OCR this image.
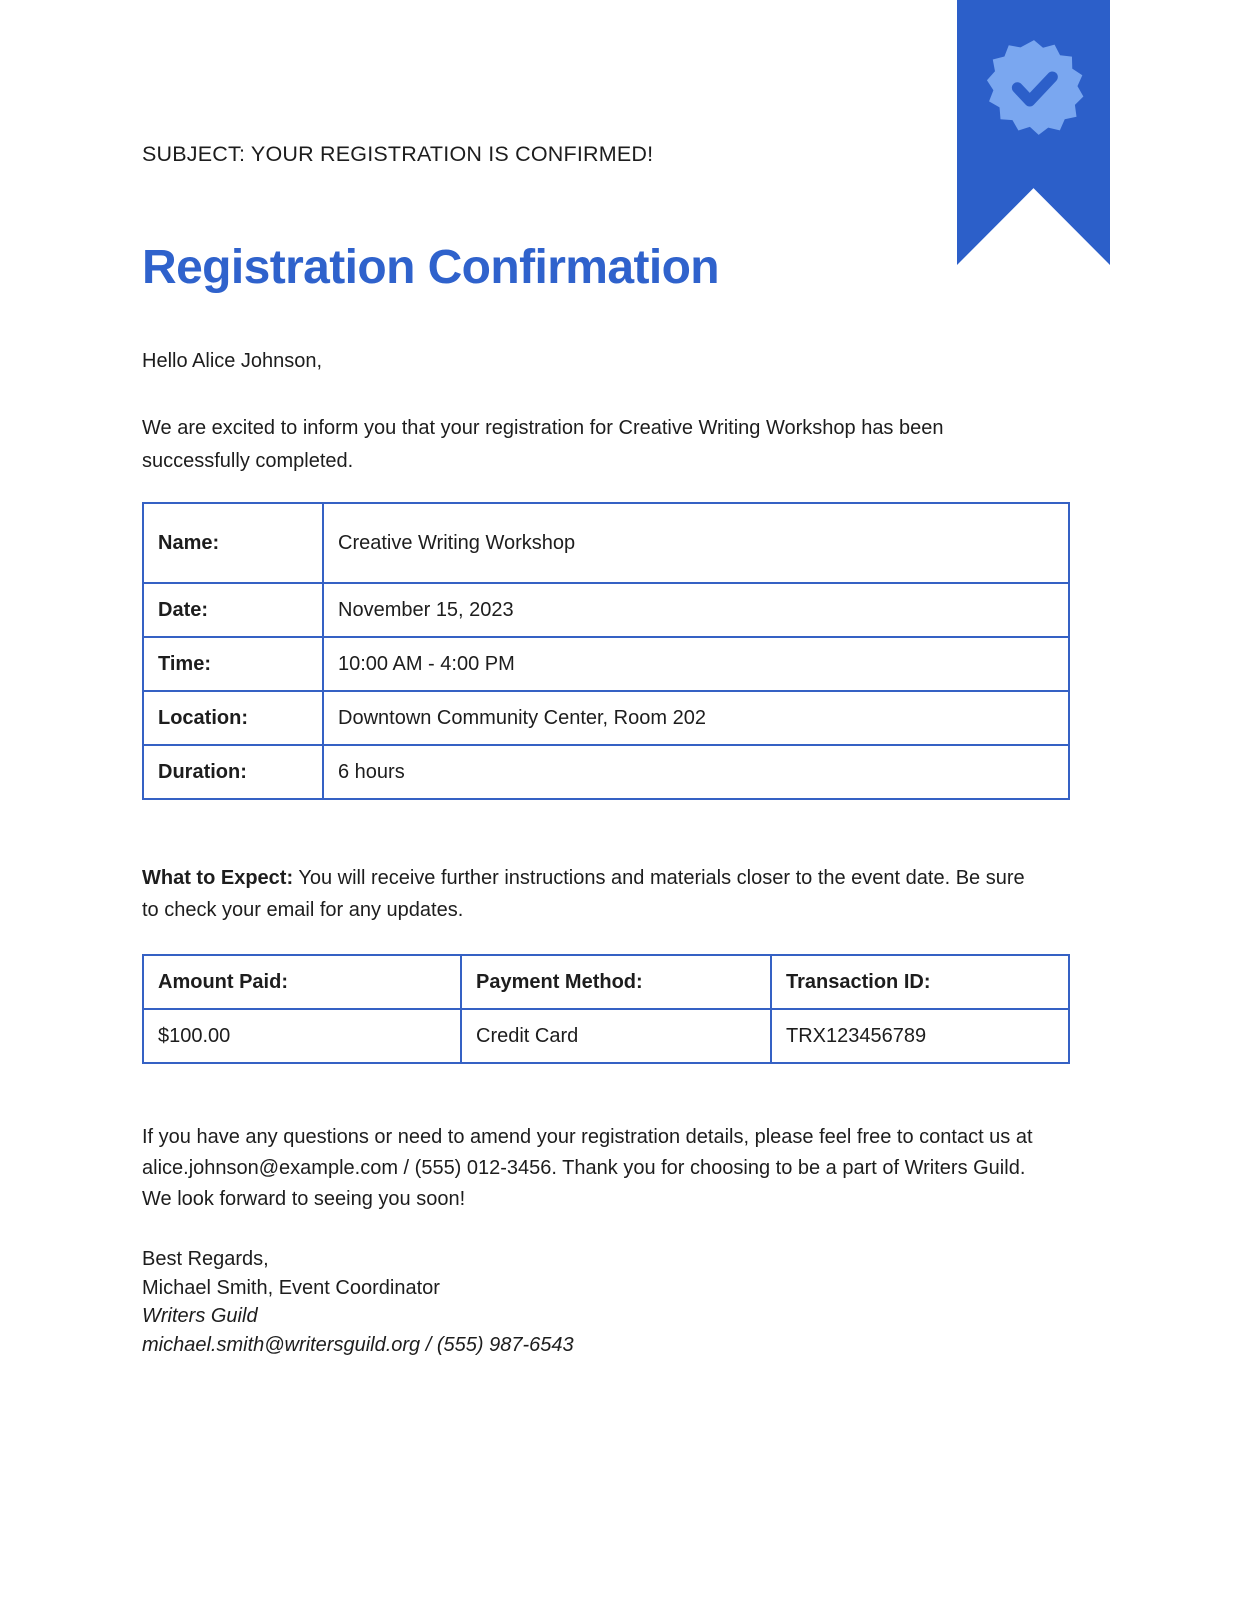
SUBJECT: YOUR REGISTRATION IS CONFIRMED!
Registration Confirmation
Hello Alice Johnson,
We are excited to inform you that your registration for Creative Writing Workshop has been successfully completed.
Name:	Creative Writing Workshop
Date:	November 15, 2023
Time:	10:00 AM - 4:00 PM
Location:	Downtown Community Center, Room 202
Duration:	6 hours
What to Expect: You will receive further instructions and materials closer to the event date. Be sure to check your email for any updates.
Amount Paid:	Payment Method:	Transaction ID:
$100.00	Credit Card	TRX123456789
If you have any questions or need to amend your registration details, please feel free to contact us at alice.johnson@example.com / (555) 012-3456. Thank you for choosing to be a part of Writers Guild. We look forward to seeing you soon!
Best Regards,
Michael Smith, Event Coordinator
Writers Guild
michael.smith@writersguild.org / (555) 987-6543
